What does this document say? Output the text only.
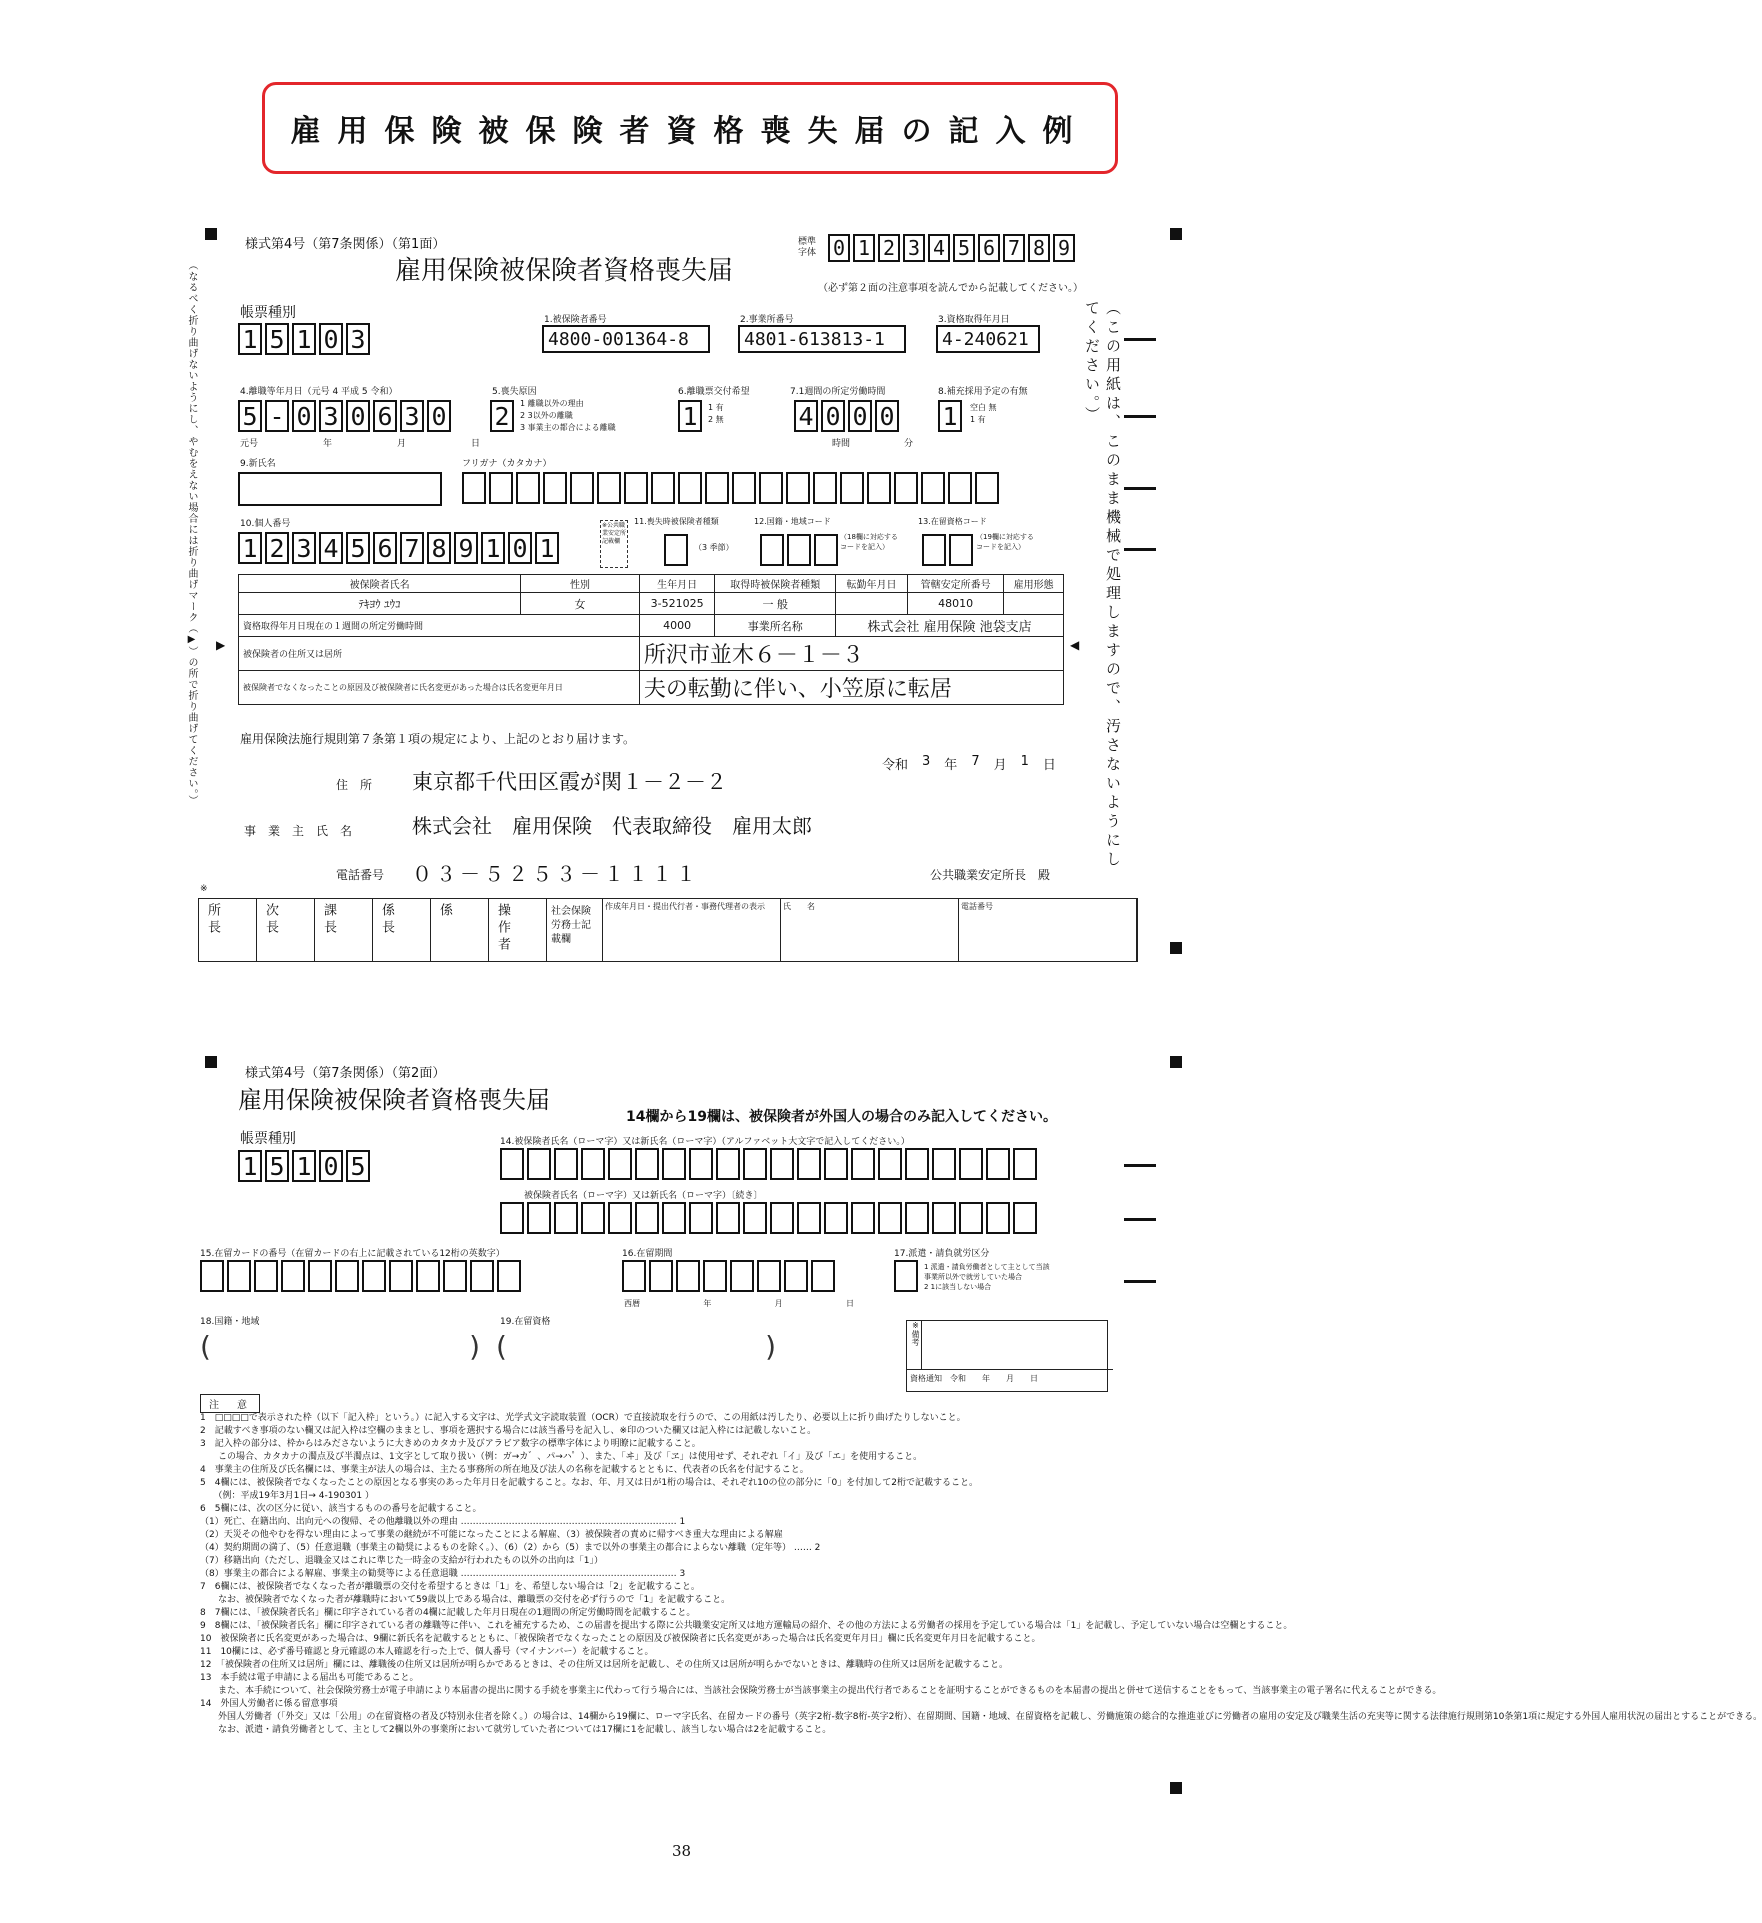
雇用保険被保険者資格喪失届の記入例
様式第4号（第7条関係）（第1面）
雇用保険被保険者資格喪失届
標準字体 0 1 2 3 4 5 6 7 8 9
（必ず第２面の注意事項を読んでから記載してください。）
（なるべく折り曲げないようにし、やむをえない場合には折り曲げマーク（▶）の所で折り曲げてください。）	（この用紙は、このまま機械で処理しますので、汚さないようにしてください。）
帳票種別
1 5 1 0 3
1.被保険者番号
4800-001364-8
2.事業所番号
4801-613813-1
3.資格取得年月日
4-240621
4.離職等年月日（元号 4 平成 5 令和）
5 - 0 3 0 6 3 0
元号	年	月	日
5.喪失原因
2	1 離職以外の理由
2 3以外の離職
3 事業主の都合による離職
6.離職票交付希望
1	1 有
2 無
7.1週間の所定労働時間
4 0 0 0
時間	分
8.補充採用予定の有無
1	空白 無
1 有
9.新氏名	フリガナ（カタカナ）
10.個人番号
1 2 3 4 5 6 7 8 9 1 0 1
※公共職業安定所記載欄
11.喪失時被保険者種類
（3 季節）
12.国籍・地域コード
（18欄に対応するコードを記入）
13.在留資格コード
（19欄に対応するコードを記入）
被保険者氏名	性別	生年月日	取得時被保険者種類	転勤年月日	管轄安定所番号	雇用形態
ﾃｷﾖｳ ﾕｳｺ	女	3-521025	一 般		48010	
資格取得年月日現在の１週間の所定労働時間		4000	事業所名称	株式会社 雇用保険 池袋支店		
被保険者の住所又は居所		所沢市並木６－１－３				
被保険者でなくなったことの原因及び被保険者に氏名変更があった場合は氏名変更年月日		夫の転勤に伴い、小笠原に転居				
▶	◀
雇用保険法施行規則第７条第１項の規定により、上記のとおり届けます。
令和 3 年 7 月 1 日
住　所 東京都千代田区霞が関１－２－２
事　業　主　氏　名	株式会社　雇用保険　代表取締役　雇用太郎
電話番号 ０３－５２５３－１１１１	公共職業安定所長　殿
※
所長	次長	課長	係長	係	操作者	社会保険労務士記載欄
作成年月日・提出代行者・事務代理者の表示	氏　　名	電話番号
様式第4号（第7条関係）（第2面）
雇用保険被保険者資格喪失届
14欄から19欄は、被保険者が外国人の場合のみ記入してください。
帳票種別
1 5 1 0 5
14.被保険者氏名（ローマ字）又は新氏名（ローマ字）（アルファベット大文字で記入してください。）
被保険者氏名（ローマ字）又は新氏名（ローマ字）〔続き〕
15.在留カードの番号（在留カードの右上に記載されている12桁の英数字）	16.在留期間
西暦	年	月	日
17.派遣・請負就労区分
1 派遣・請負労働者として主として当該事業所以外で就労していた場合
2 1に該当しない場合
18.国籍・地域
(	)
19.在留資格
(	)	※備考
資格通知　令和　　年　　月　　日
注　意
1　□□□□で表示された枠（以下「記入枠」という。）に記入する文字は、光学式文字読取装置（OCR）で直接読取を行うので、この用紙は汚したり、必要以上に折り曲げたりしないこと。
2　記載すべき事項のない欄又は記入枠は空欄のままとし、事項を選択する場合には該当番号を記入し、※印のついた欄又は記入枠には記載しないこと。
3　記入枠の部分は、枠からはみださないように大きめのカタカナ及びアラビア数字の標準字体により明瞭に記載すること。
　　この場合、カタカナの濁点及び半濁点は、1文字として取り扱い（例：ガ→カ゛、パ→ハ゜）、また、「ヰ」及び「ヱ」は使用せず、それぞれ「イ」及び「エ」を使用すること。
4　事業主の住所及び氏名欄には、事業主が法人の場合は、主たる事務所の所在地及び法人の名称を記載するとともに、代表者の氏名を付記すること。
5　4欄には、被保険者でなくなったことの原因となる事実のあった年月日を記載すること。なお、年、月又は日が1桁の場合は、それぞれ10の位の部分に「0」を付加して2桁で記載すること。
　　（例：平成19年3月1日→ 4-190301 ）
6　5欄には、次の区分に従い、該当するものの番号を記載すること。
（1）死亡、在籍出向、出向元への復帰、その他離職以外の理由 ……………………………………………………………… 1
（2）天災その他やむを得ない理由によって事業の継続が不可能になったことによる解雇、（3）被保険者の責めに帰すべき重大な理由による解雇
（4）契約期間の満了、（5）任意退職（事業主の勧奨によるものを除く。）、（6）（2）から（5）まで以外の事業主の都合によらない離職（定年等） …… 2
（7）移籍出向（ただし、退職金又はこれに準じた一時金の支給が行われたもの以外の出向は「1」）
（8）事業主の都合による解雇、事業主の勧奨等による任意退職 ……………………………………………………………… 3
7　6欄には、被保険者でなくなった者が離職票の交付を希望するときは「1」を、希望しない場合は「2」を記載すること。
　　なお、被保険者でなくなった者が離職時において59歳以上である場合は、離職票の交付を必ず行うので「1」を記載すること。
8　7欄には、「被保険者氏名」欄に印字されている者の4欄に記載した年月日現在の1週間の所定労働時間を記載すること。
9　8欄には、「被保険者氏名」欄に印字されている者の離職等に伴い、これを補充するため、この届書を提出する際に公共職業安定所又は地方運輸局の紹介、その他の方法による労働者の採用を予定している場合は「1」を記載し、予定していない場合は空欄とすること。
10　被保険者に氏名変更があった場合は、9欄に新氏名を記載するとともに、「被保険者でなくなったことの原因及び被保険者に氏名変更があった場合は氏名変更年月日」欄に氏名変更年月日を記載すること。
11　10欄には、必ず番号確認と身元確認の本人確認を行った上で、個人番号（マイナンバー）を記載すること。
12　「被保険者の住所又は居所」欄には、離職後の住所又は居所が明らかであるときは、その住所又は居所を記載し、その住所又は居所が明らかでないときは、離職時の住所又は居所を記載すること。
13　本手続は電子申請による届出も可能であること。
　　また、本手続について、社会保険労務士が電子申請により本届書の提出に関する手続を事業主に代わって行う場合には、当該社会保険労務士が当該事業主の提出代行者であることを証明することができるものを本届書の提出と併せて送信することをもって、当該事業主の電子署名に代えることができる。
14　外国人労働者に係る留意事項
　　外国人労働者（「外交」又は「公用」の在留資格の者及び特別永住者を除く。）の場合は、14欄から19欄に、ローマ字氏名、在留カードの番号（英字2桁-数字8桁-英字2桁）、在留期間、国籍・地域、在留資格を記載し、労働施策の総合的な推進並びに労働者の雇用の安定及び職業生活の充実等に関する法律施行規則第10条第1項に規定する外国人雇用状況の届出とすることができる。
　　なお、派遣・請負労働者として、主として2欄以外の事業所において就労していた者については17欄に1を記載し、該当しない場合は2を記載すること。
38
